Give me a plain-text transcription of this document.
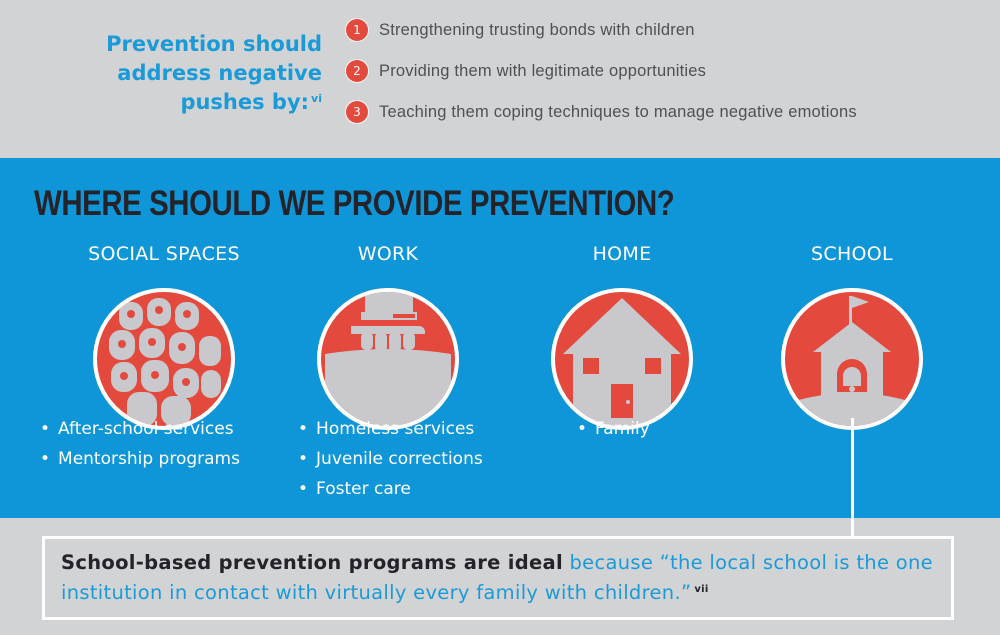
Prevention should
address negative
pushes by: $^{vi}$
1	Strengthening trusting bonds with children
2	Providing them with legitimate opportunities
3	Teaching them coping techniques to manage negative emotions
WHERE SHOULD WE PROVIDE PREVENTION?
SOCIAL SPACES
• After-school services
• Mentorship programs
WORK
• Homeless services
• Juvenile corrections
• Foster care
HOME
• Family
SCHOOL
School-based prevention programs are ideal because “the local school is the one institution in contact with virtually every family with children.” $^{vii}$
